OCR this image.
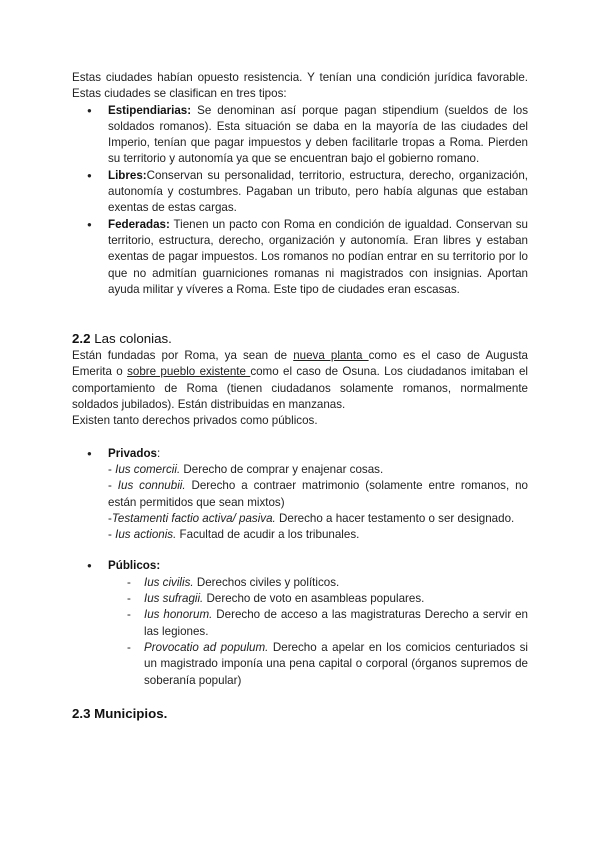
Estas ciudades habían opuesto resistencia. Y tenían una condición jurídica favorable. Estas ciudades se clasifican en tres tipos:

● Estipendiarias: Se denominan así porque pagan stipendium (sueldos de los soldados romanos). Esta situación se daba en la mayoría de las ciudades del Imperio, tenían que pagar impuestos y deben facilitarle tropas a Roma. Pierden su territorio y autonomía ya que se encuentran bajo el gobierno romano.
● Libres:Conservan su personalidad, territorio, estructura, derecho, organización, autonomía y costumbres. Pagaban un tributo, pero había algunas que estaban exentas de estas cargas.
● Federadas: Tienen un pacto con Roma en condición de igualdad. Conservan su territorio, estructura, derecho, organización y autonomía. Eran libres y estaban exentas de pagar impuestos. Los romanos no podían entrar en su territorio por lo que no admitían guarniciones romanas ni magistrados con insignias. Aportan ayuda militar y víveres a Roma. Este tipo de ciudades eran escasas.
2.2 Las colonias.

Están fundadas por Roma, ya sean de nueva planta como es el caso de Augusta Emerita o sobre pueblo existente como el caso de Osuna. Los ciudadanos imitaban el comportamiento de Roma (tienen ciudadanos solamente romanos, normalmente soldados jubilados). Están distribuidas en manzanas.

Existen tanto derechos privados como públicos.

● Privados:
- Ius comercii. Derecho de comprar y enajenar cosas.
- Ius connubii. Derecho a contraer matrimonio (solamente entre romanos, no están permitidos que sean mixtos)
-Testamenti factio activa/ pasiva. Derecho a hacer testamento o ser designado.
- Ius actionis. Facultad de acudir a los tribunales.
● Públicos:
- Ius civilis. Derechos civiles y políticos.
- Ius sufragii. Derecho de voto en asambleas populares.
- Ius honorum. Derecho de acceso a las magistraturas Derecho a servir en las legiones.
- Provocatio ad populum. Derecho a apelar en los comicios centuriados si un magistrado imponía una pena capital o corporal (órganos supremos de soberanía popular)
2.3 Municipios.
